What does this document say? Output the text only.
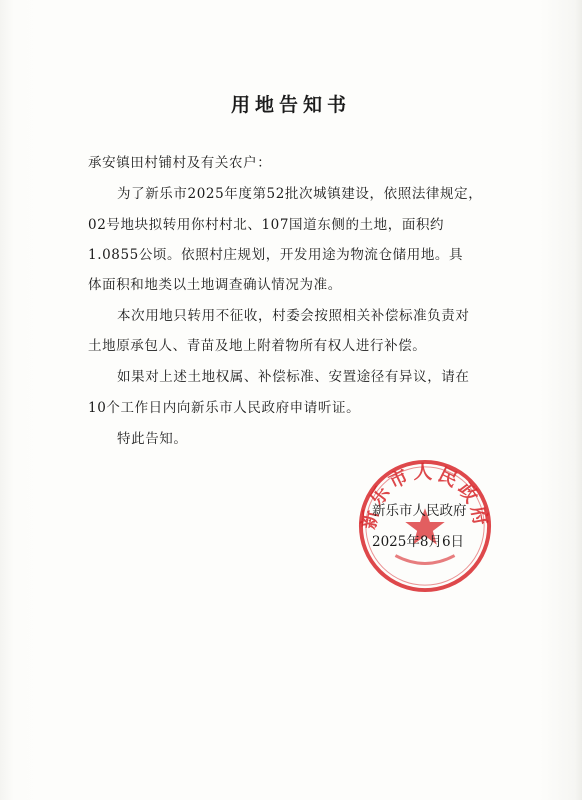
用地告知书
承安镇田村铺村及有关农户：
为了新乐市2025年度第52批次城镇建设，依照法律规定，
02号地块拟转用你村村北、107国道东侧的土地，面积约
1.0855公顷。依照村庄规划，开发用途为物流仓储用地。具
体面积和地类以土地调查确认情况为准。
本次用地只转用不征收，村委会按照相关补偿标准负责对
土地原承包人、青苗及地上附着物所有权人进行补偿。
如果对上述土地权属、补偿标准、安置途径有异议，请在
10个工作日内向新乐市人民政府申请听证。
特此告知。
新乐市人民政府
新乐市人民政府
2025年8月6日
